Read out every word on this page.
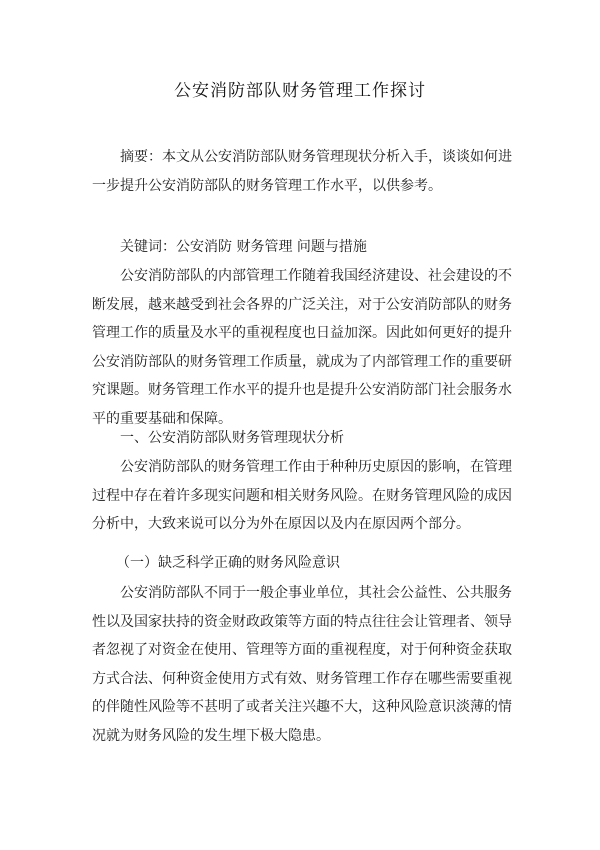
公安消防部队财务管理工作探讨

摘要：本文从公安消防部队财务管理现状分析入手，谈谈如何进一步提升公安消防部队的财务管理工作水平，以供参考。

关键词：公安消防 财务管理 问题与措施

公安消防部队的内部管理工作随着我国经济建设、社会建设的不断发展，越来越受到社会各界的广泛关注，对于公安消防部队的财务管理工作的质量及水平的重视程度也日益加深。因此如何更好的提升公安消防部队的财务管理工作质量，就成为了内部管理工作的重要研究课题。财务管理工作水平的提升也是提升公安消防部门社会服务水平的重要基础和保障。

一、公安消防部队财务管理现状分析

公安消防部队的财务管理工作由于种种历史原因的影响，在管理过程中存在着许多现实问题和相关财务风险。在财务管理风险的成因分析中，大致来说可以分为外在原因以及内在原因两个部分。

（一）缺乏科学正确的财务风险意识

公安消防部队不同于一般企事业单位，其社会公益性、公共服务性以及国家扶持的资金财政政策等方面的特点往往会让管理者、领导者忽视了对资金在使用、管理等方面的重视程度，对于何种资金获取方式合法、何种资金使用方式有效、财务管理工作存在哪些需要重视的伴随性风险等不甚明了或者关注兴趣不大，这种风险意识淡薄的情况就为财务风险的发生埋下极大隐患。
